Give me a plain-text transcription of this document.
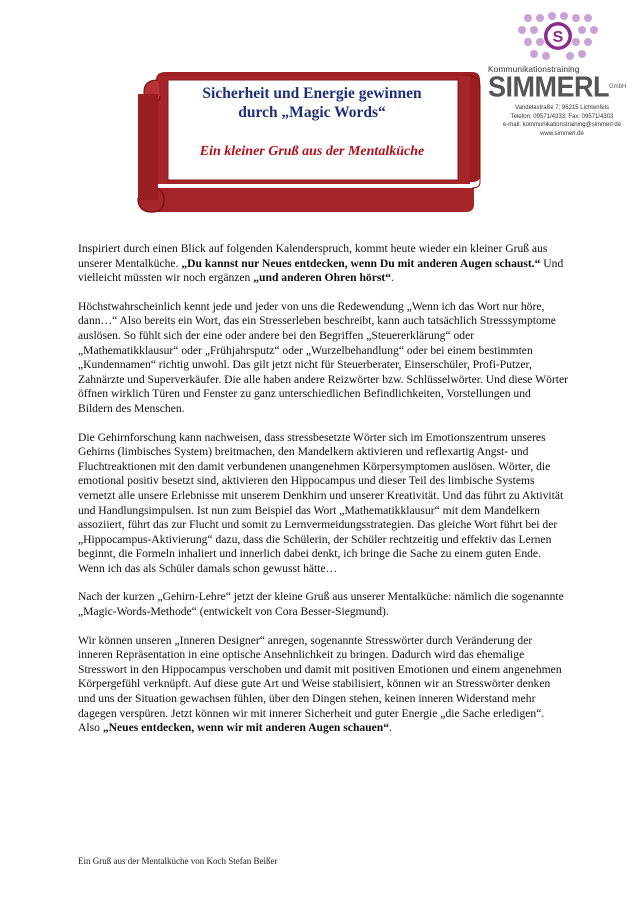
Sicherheit und Energie gewinnen
durch „Magic Words“
Ein kleiner Gruß aus der Mentalküche
S
Kommunikationstraining
$SIMMERL^{GmbH}$
Vandelastraße 7; 96215 Lichtenfels
Telefon: 09571/4333; Fax: 09571/4303
e-mail: kommunikationstraining@simmerl.de
www.simmerl.de

Inspiriert durch einen Blick auf folgenden Kalenderspruch, kommt heute wieder ein kleiner Gruß aus unserer Mentalküche. „Du kannst nur Neues entdecken, wenn Du mit anderen Augen schaust.“ Und vielleicht müssten wir noch ergänzen „und anderen Ohren hörst“.

Höchstwahrscheinlich kennt jede und jeder von uns die Redewendung „Wenn ich das Wort nur höre, dann…“ Also bereits ein Wort, das ein Stresserleben beschreibt, kann auch tatsächlich Stresssymptome auslösen. So fühlt sich der eine oder andere bei den Begriffen „Steuererklärung“ oder „Mathematikklausur“ oder „Frühjahrsputz“ oder „Wurzelbehandlung“ oder bei einem bestimmten „Kundennamen“ richtig unwohl. Das gilt jetzt nicht für Steuerberater, Einserschüler, Profi-Putzer, Zahnärzte und Superverkäufer. Die alle haben andere Reizwörter bzw. Schlüsselwörter. Und diese Wörter öffnen wirklich Türen und Fenster zu ganz unterschiedlichen Befindlichkeiten, Vorstellungen und Bildern des Menschen.

Die Gehirnforschung kann nachweisen, dass stressbesetzte Wörter sich im Emotionszentrum unseres Gehirns (limbisches System) breitmachen, den Mandelkern aktivieren und reflexartig Angst- und Fluchtreaktionen mit den damit verbundenen unangenehmen Körpersymptomen auslösen. Wörter, die emotional positiv besetzt sind, aktivieren den Hippocampus und dieser Teil des limbische Systems vernetzt alle unsere Erlebnisse mit unserem Denkhirn und unserer Kreativität. Und das führt zu Aktivität und Handlungsimpulsen. Ist nun zum Beispiel das Wort „Mathematikklausur“ mit dem Mandelkern assoziiert, führt das zur Flucht und somit zu Lernvermeidungsstrategien. Das gleiche Wort führt bei der „Hippocampus-Aktivierung“ dazu, dass die Schülerin, der Schüler rechtzeitig und effektiv das Lernen beginnt, die Formeln inhaliert und innerlich dabei denkt, ich bringe die Sache zu einem guten Ende. Wenn ich das als Schüler damals schon gewusst hätte…

Nach der kurzen „Gehirn-Lehre“ jetzt der kleine Gruß aus unserer Mentalküche: nämlich die sogenannte „Magic-Words-Methode“ (entwickelt von Cora Besser-Siegmund).

Wir können unseren „Inneren Designer“ anregen, sogenannte Stresswörter durch Veränderung der inneren Repräsentation in eine optische Ansehnlichkeit zu bringen. Dadurch wird das ehemalige Stresswort in den Hippocampus verschoben und damit mit positiven Emotionen und einem angenehmen Körpergefühl verknüpft. Auf diese gute Art und Weise stabilisiert, können wir an Stresswörter denken und uns der Situation gewachsen fühlen, über den Dingen stehen, keinen inneren Widerstand mehr dagegen verspüren. Jetzt können wir mit innerer Sicherheit und guter Energie „die Sache erledigen“. Also „Neues entdecken, wenn wir mit anderen Augen schauen“.

Ein Gruß aus der Mentalküche von Koch Stefan Beißer
